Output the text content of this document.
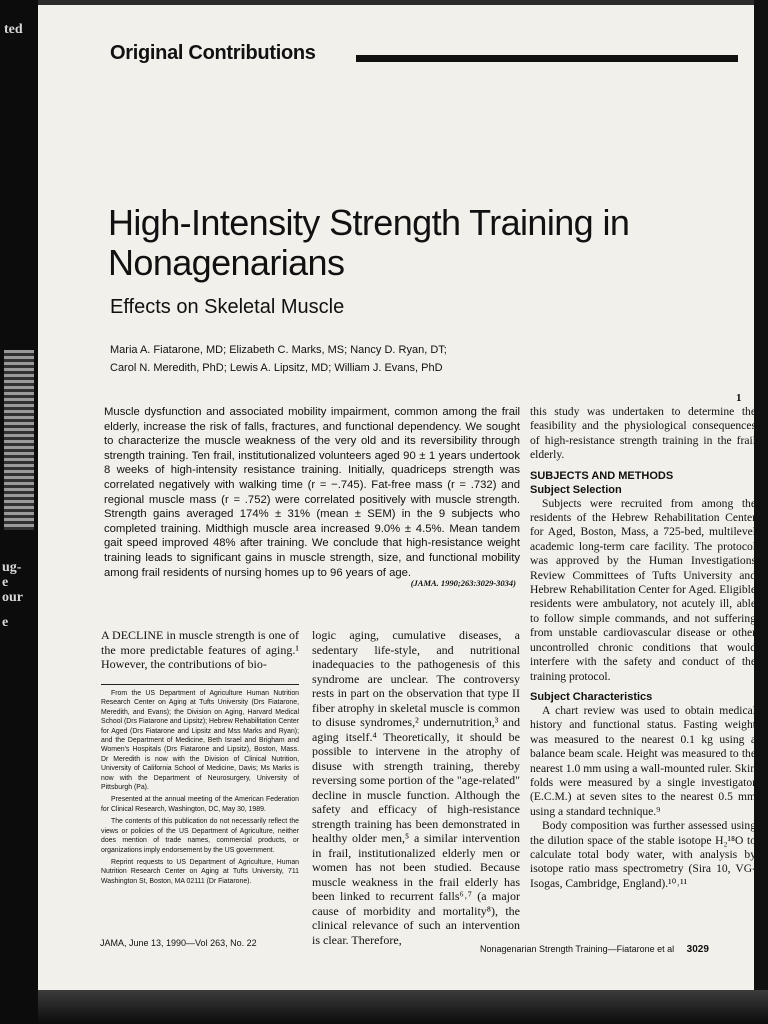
ted
ug-
e
our
e
Original Contributions
High-Intensity Strength Training in Nonagenarians
Effects on Skeletal Muscle
Maria A. Fiatarone, MD; Elizabeth C. Marks, MS; Nancy D. Ryan, DT;
Carol N. Meredith, PhD; Lewis A. Lipsitz, MD; William J. Evans, PhD
Muscle dysfunction and associated mobility impairment, common among the frail elderly, increase the risk of falls, fractures, and functional dependency. We sought to characterize the muscle weakness of the very old and its reversibility through strength training. Ten frail, institutionalized volunteers aged 90 ± 1 years undertook 8 weeks of high-intensity resistance training. Initially, quadriceps strength was correlated negatively with walking time (r = −.745). Fat-free mass (r = .732) and regional muscle mass (r = .752) were correlated positively with muscle strength. Strength gains averaged 174% ± 31% (mean ± SEM) in the 9 subjects who completed training. Midthigh muscle area increased 9.0% ± 4.5%. Mean tandem gait speed improved 48% after training. We conclude that high-resistance weight training leads to significant gains in muscle strength, size, and functional mobility among frail residents of nursing homes up to 96 years of age.
(JAMA. 1990;263:3029-3034)
A DECLINE in muscle strength is one of the more predictable features of aging.¹ However, the contributions of bio-

From the US Department of Agriculture Human Nutrition Research Center on Aging at Tufts University (Drs Fiatarone, Meredith, and Evans); the Division on Aging, Harvard Medical School (Drs Fiatarone and Lipsitz); Hebrew Rehabilitation Center for Aged (Drs Fiatarone and Lipsitz and Mss Marks and Ryan); and the Department of Medicine, Beth Israel and Brigham and Women's Hospitals (Drs Fiatarone and Lipsitz), Boston, Mass. Dr Meredith is now with the Division of Clinical Nutrition, University of California School of Medicine, Davis; Ms Marks is now with the Department of Neurosurgery, University of Pittsburgh (Pa).

Presented at the annual meeting of the American Federation for Clinical Research, Washington, DC, May 30, 1989.

The contents of this publication do not necessarily reflect the views or policies of the US Department of Agriculture, neither does mention of trade names, commercial products, or organizations imply endorsement by the US government.

Reprint requests to US Department of Agriculture, Human Nutrition Research Center on Aging at Tufts University, 711 Washington St, Boston, MA 02111 (Dr Fiatarone).

logic aging, cumulative diseases, a sedentary life-style, and nutritional inadequacies to the pathogenesis of this syndrome are unclear. The controversy rests in part on the observation that type II fiber atrophy in skeletal muscle is common to disuse syndromes,² undernutrition,³ and aging itself.⁴ Theoretically, it should be possible to intervene in the atrophy of disuse with strength training, thereby reversing some portion of the "age-related" decline in muscle function. Although the safety and efficacy of high-resistance strength training has been demonstrated in healthy older men,⁵ a similar intervention in frail, institutionalized elderly men or women has not been studied. Because muscle weakness in the frail elderly has been linked to recurrent falls⁶˒⁷ (a major cause of morbidity and mortality⁸), the clinical relevance of such an intervention is clear. Therefore,
1

this study was undertaken to determine the feasibility and the physiological consequences of high-resistance strength training in the frail elderly.

SUBJECTS AND METHODS
Subject Selection

Subjects were recruited from among the residents of the Hebrew Rehabilitation Center for Aged, Boston, Mass, a 725-bed, multilevel academic long-term care facility. The protocol was approved by the Human Investigations Review Committees of Tufts University and Hebrew Rehabilitation Center for Aged. Eligible residents were ambulatory, not acutely ill, able to follow simple commands, and not suffering from unstable cardiovascular disease or other uncontrolled chronic conditions that would interfere with the safety and conduct of the training protocol.

Subject Characteristics

A chart review was used to obtain medical history and functional status. Fasting weight was measured to the nearest 0.1 kg using a balance beam scale. Height was measured to the nearest 1.0 mm using a wall-mounted ruler. Skin folds were measured by a single investigator (E.C.M.) at seven sites to the nearest 0.5 mm using a standard technique.⁹

Body composition was further assessed using the dilution space of the stable isotope H₂¹⁸O to calculate total body water, with analysis by isotope ratio mass spectrometry (Sira 10, VG-Isogas, Cambridge, England).¹⁰˒¹¹

JAMA, June 13, 1990—Vol 263, No. 22
Nonagenarian Strength Training—Fiatarone et al 3029
